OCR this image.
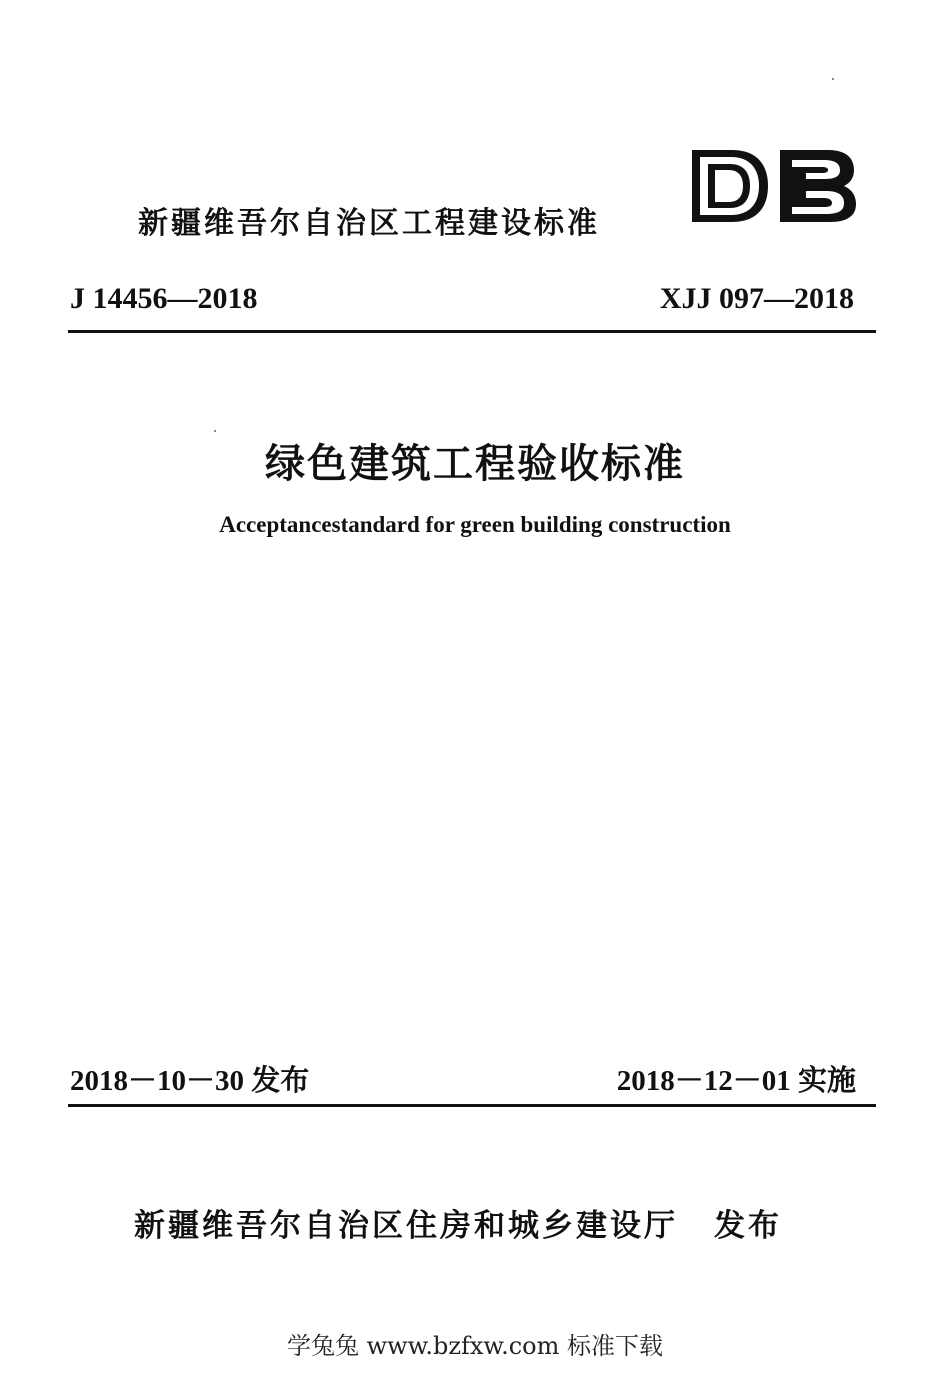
新疆维吾尔自治区工程建设标准
J 14456—2018	XJJ 097—2018
绿色建筑工程验收标准
Acceptancestandard for green building construction
2018－10－30 发布	2018－12－01 实施
新疆维吾尔自治区住房和城乡建设厅 发布
学兔兔 www.bzfxw.com 标准下载
